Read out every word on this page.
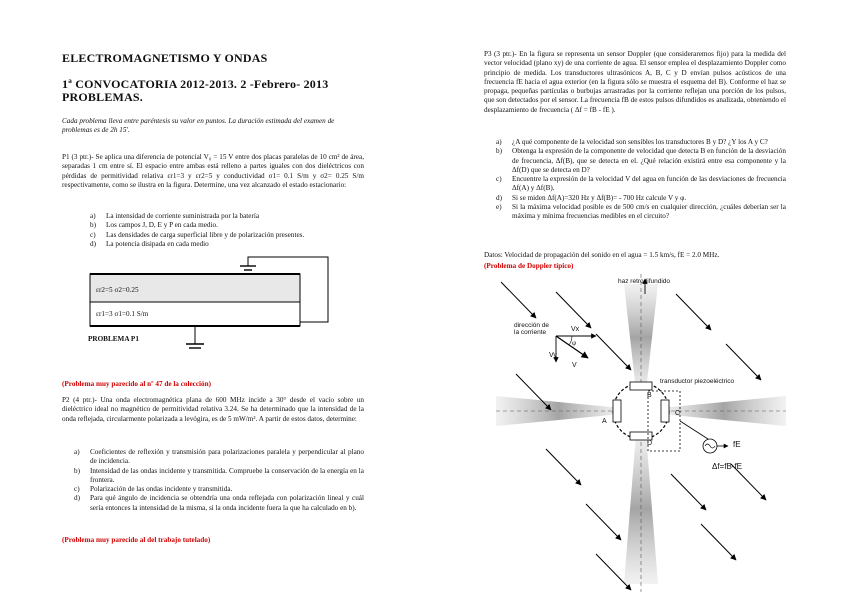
ELECTROMAGNETISMO Y ONDAS
1ª CONVOCATORIA 2012-2013. 2 -Febrero- 2013
PROBLEMAS.
Cada problema lleva entre paréntesis su valor en puntos. La duración estimada del examen de problemas es de 2h 15'.
P1 (3 ptr.)- Se aplica una diferencia de potencial V₀ = 15 V entre dos placas paralelas de 10 cm² de área, separadas 1 cm entre sí. El espacio entre ambas está relleno a partes iguales con dos dieléctricos con pérdidas de permitividad relativa εr1=3 y εr2=5 y conductividad σ1= 0.1 S/m y σ2= 0.25 S/m respectivamente, como se ilustra en la figura. Determine, una vez alcanzado el estado estacionario:
a)	La intensidad de corriente suministrada por la batería
b)	Los campos J, D, E y P en cada medio.
c)	Las densidades de carga superficial libre y de polarización presentes.
d)	La potencia disipada en cada medio
εr2=5 σ2=0.25
εr1=3 σ1=0.1 S/m
PROBLEMA P1
(Problema muy parecido al nº 47 de la colección)
P2 (4 ptr.)- Una onda electromagnética plana de 600 MHz incide a 30° desde el vacío sobre un dieléctrico ideal no magnético de permitividad relativa 3.24. Se ha determinado que la intensidad de la onda reflejada, circularmente polarizada a levógira, es de 5 mW/m². A partir de estos datos, determine:
a)	Coeficientes de reflexión y transmisión para polarizaciones paralela y perpendicular al plano de incidencia.
b)	Intensidad de las ondas incidente y transmitida. Compruebe la conservación de la energía en la frontera.
c)	Polarización de las ondas incidente y transmitida.
d)	Para qué ángulo de incidencia se obtendría una onda reflejada con polarización lineal y cuál sería entonces la intensidad de la misma, si la onda incidente fuera la que ha calculado en b).
(Problema muy parecido al del trabajo tutelado)
P3 (3 ptr.)- En la figura se representa un sensor Doppler (que consideraremos fijo) para la medida del vector velocidad (plano xy) de una corriente de agua. El sensor emplea el desplazamiento Doppler como principio de medida. Los transductores ultrasónicos A, B, C y D envían pulsos acústicos de una frecuencia fE hacia el agua exterior (en la figura sólo se muestra el esquema del B). Conforme el haz se propaga, pequeñas partículas o burbujas arrastradas por la corriente reflejan una porción de los pulsos, que son detectados por el sensor. La frecuencia fB de estos pulsos difundidos es analizada, obteniendo el desplazamiento de frecuencia ( Δf = fB - fE ).
a)	¿A qué componente de la velocidad son sensibles los transductores B y D? ¿Y los A y C?
b)	Obtenga la expresión de la componente de velocidad que detecta B en función de la desviación de frecuencia, Δf(B), que se detecta en el. ¿Qué relación existirá entre esa componente y la Δf(D) que se detecta en D?
c)	Encuentre la expresión de la velocidad V del agua en función de las desviaciones de frecuencia Δf(A) y Δf(B).
d)	Si se miden Δf(A)=320 Hz y Δf(B)= - 700 Hz calcule V y φ.
e)	Si la máxima velocidad posible es de 500 cm/s en cualquier dirección, ¿cuáles deberían ser la máxima y mínima frecuencias medibles en el circuito?
Datos: Velocidad de propagación del sonido en el agua = 1.5 km/s, fE = 2.0 MHz.
(Problema de Doppler típico)
haz retrodifundido
dirección de
la corriente	Vx
Vy
V
φ
transductor piezoeléctrico
A
B
C
D	fE
Δf=fB-fE
